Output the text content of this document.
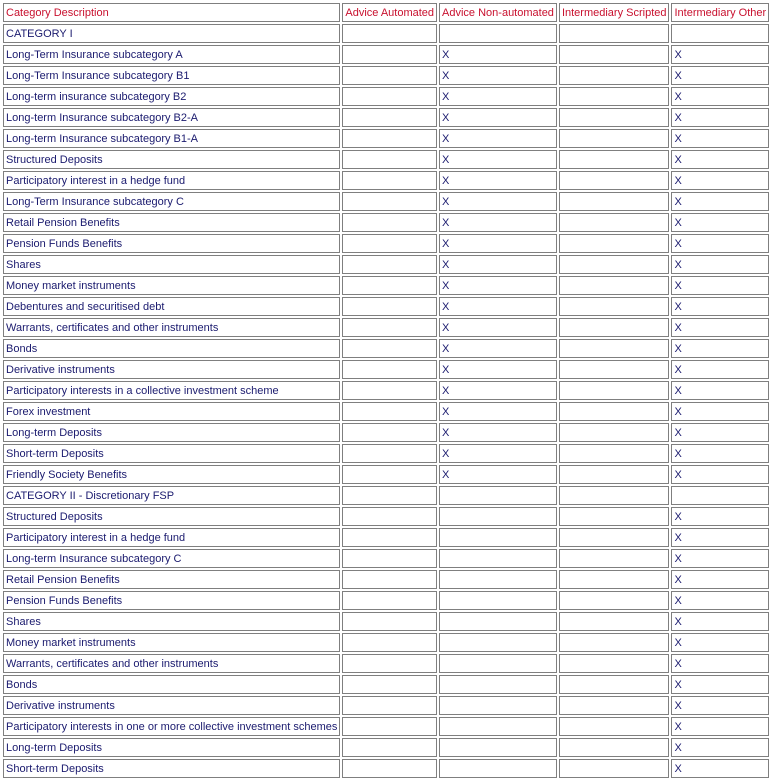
Category Description	Advice Automated	Advice Non-automated	Intermediary Scripted	Intermediary Other
CATEGORY I				
Long-Term Insurance subcategory A		X		X
Long-Term Insurance subcategory B1		X		X
Long-term insurance subcategory B2		X		X
Long-term Insurance subcategory B2-A		X		X
Long-term Insurance subcategory B1-A		X		X
Structured Deposits		X		X
Participatory interest in a hedge fund		X		X
Long-Term Insurance subcategory C		X		X
Retail Pension Benefits		X		X
Pension Funds Benefits		X		X
Shares		X		X
Money market instruments		X		X
Debentures and securitised debt		X		X
Warrants, certificates and other instruments		X		X
Bonds		X		X
Derivative instruments		X		X
Participatory interests in a collective investment scheme		X		X
Forex investment		X		X
Long-term Deposits		X		X
Short-term Deposits		X		X
Friendly Society Benefits		X		X
CATEGORY II - Discretionary FSP				
Structured Deposits				X
Participatory interest in a hedge fund				X
Long-term Insurance subcategory C				X
Retail Pension Benefits				X
Pension Funds Benefits				X
Shares				X
Money market instruments				X
Warrants, certificates and other instruments				X
Bonds				X
Derivative instruments				X
Participatory interests in one or more collective investment schemes				X
Long-term Deposits				X
Short-term Deposits				X
